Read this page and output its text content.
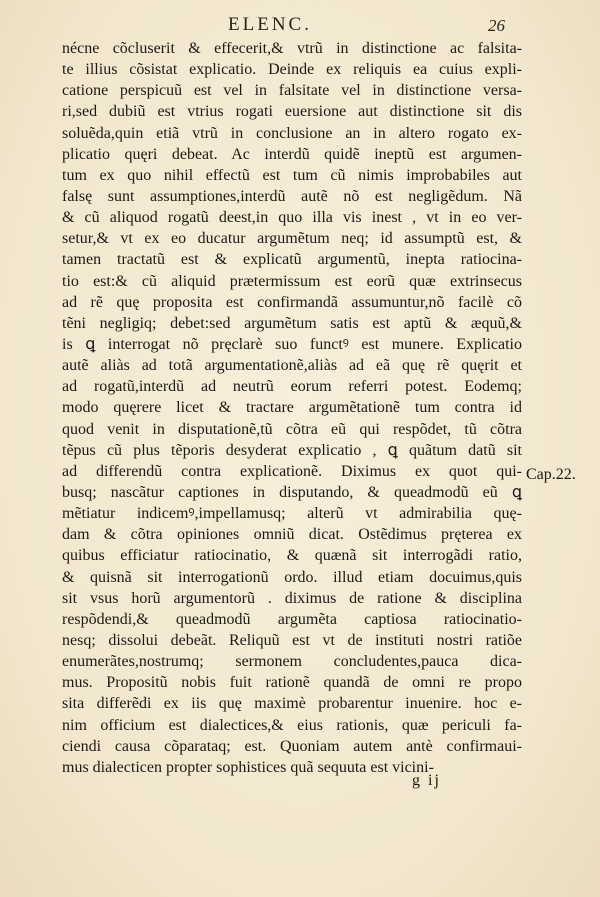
ELENC.	26
nécne cõcluserit & effecerit,& vtrũ in distinctione ac falsita-
te illius cõsistat explicatio. Deinde ex reliquis ea cuius expli-
catione perspicuũ est vel in falsitate vel in distinctione versa-
ri,sed dubiũ est vtrius rogati euersione aut distinctione sit dis
soluẽda,quin etiã vtrũ in conclusione an in altero rogato ex-
plicatio quęri debeat. Ac interdũ quidẽ ineptũ est argumen-
tum ex quo nihil effectũ est tum cũ nimis improbabiles aut
falsę sunt assumptiones,interdũ autẽ nõ est negligẽdum. Nã
& cũ aliquod rogatũ deest,in quo illa vis inest , vt in eo ver-
setur,& vt ex eo ducatur argumẽtum neq; id assumptũ est, &
tamen tractatũ est & explicatũ argumentũ, inepta ratiocina-
tio est:& cũ aliquid prætermissum est eorũ quæ extrinsecus
ad rẽ quę proposita est confirmandã assumuntur,nõ facilè cõ
tẽni negligiq; debet:sed argumẽtum satis est aptũ & æquũ,&
is ꝗ interrogat nõ pręclarè suo functꝰ est munere. Explicatio
autẽ aliàs ad totã argumentationẽ,aliàs ad eã quę rẽ quęrit et
ad rogatũ,interdũ ad neutrũ eorum referri potest. Eodemq;
modo quęrere licet & tractare argumẽtationẽ tum contra id
quod venit in disputationẽ,tũ cõtra eũ qui respõdet, tũ cõtra
tẽpus cũ plus tẽporis desyderat explicatio , ꝗ quãtum datũ sit
ad differendũ contra explicationẽ. Diximus ex quot qui-
busq; nascãtur captiones in disputando, & queadmodũ eũ ꝗ
mẽtiatur indicemꝰ,impellamusq; alterũ vt admirabilia quę-
dam & cõtra opiniones omniũ dicat. Ostẽdimus pręterea ex
quibus efficiatur ratiocinatio, & quænã sit interrogãdi ratio,
& quisnã sit interrogationũ ordo. illud etiam docuimus,quis
sit vsus horũ argumentorũ . diximus de ratione & disciplina
respõdendi,& queadmodũ argumẽta captiosa ratiocinatio-
nesq; dissolui debeãt. Reliquũ est vt de instituti nostri ratiõe
enumerãtes,nostrumq; sermonem concludentes,pauca dica-
mus. Propositũ nobis fuit rationẽ quandã de omni re propo
sita differẽdi ex iis quę maximè probarentur inuenire. hoc e-
nim officium est dialectices,& eius rationis, quæ periculi fa-
ciendi causa cõparataq; est. Quoniam autem antè confirmaui-
mus dialecticen propter sophistices quã sequuta est vicini-
Cap.22.
g ij
